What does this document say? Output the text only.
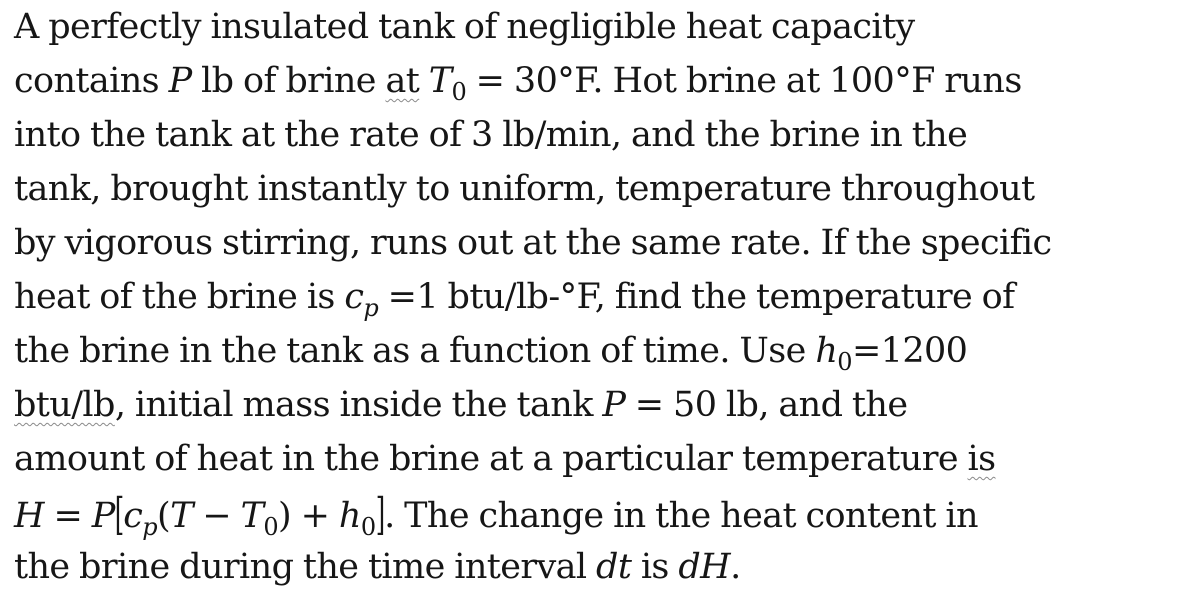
A perfectly insulated tank of negligible heat capacity
contains P lb of brine at $T_0 = 30^\circ F$. Hot brine at 100°F runs
into the tank at the rate of 3 lb/min, and the brine in the
tank, brought instantly to uniform, temperature throughout
by vigorous stirring, runs out at the same rate. If the specific
heat of the brine is $c_p =1$ btu/lb-°F, find the temperature of
the brine in the tank as a function of time. Use $h_0=1200$
btu/lb, initial mass inside the tank P = 50 lb, and the
amount of heat in the brine at a particular temperature is
$H = P[c_p(T - T_0) + h_0]$. The change in the heat content in
the brine during the time interval dt is dH.
